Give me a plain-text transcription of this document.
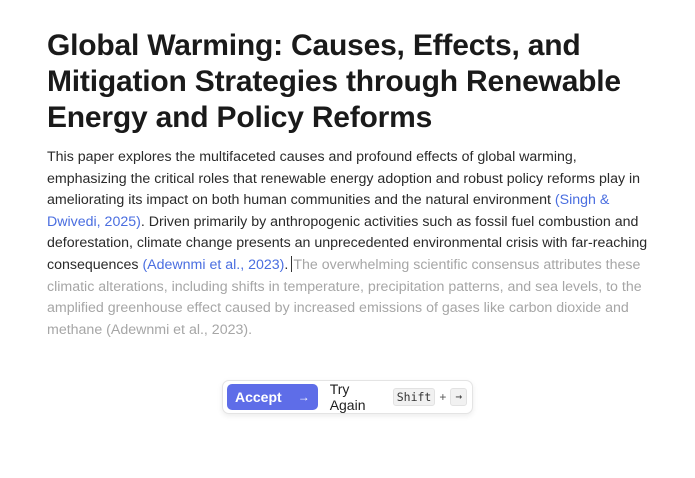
Global Warming: Causes, Effects, and Mitigation Strategies through Renewable Energy and Policy Reforms

This paper explores the multifaceted causes and profound effects of global warming, emphasizing the critical roles that renewable energy adoption and robust policy reforms play in ameliorating its impact on both human communities and the natural environment (Singh & Dwivedi, 2025). Driven primarily by anthropogenic activities such as fossil fuel combustion and deforestation, climate change presents an unprecedented environmental crisis with far-reaching consequences (Adewnmi et al., 2023). The overwhelming scientific consensus attributes these climatic alterations, including shifts in temperature, precipitation patterns, and sea levels, to the amplified greenhouse effect caused by increased emissions of gases like carbon dioxide and methane (Adewnmi et al., 2023).

Accept → Try Again	Shift + →
